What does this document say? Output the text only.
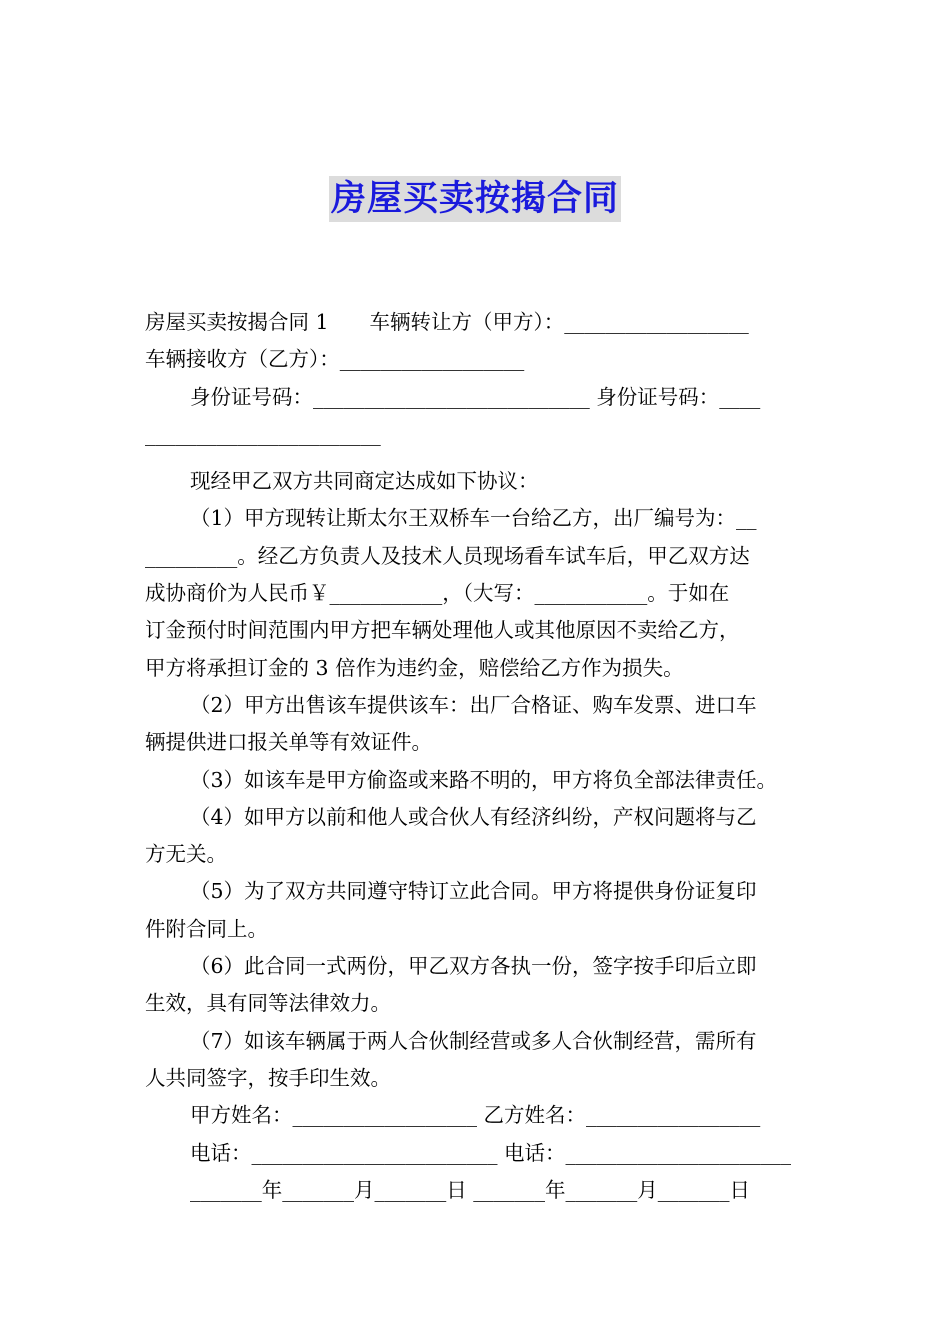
房屋买卖按揭合同
房屋买卖按揭合同 1　　车辆转让方（甲方）：__________________
车辆接收方（乙方）：__________________
身份证号码：___________________________ 身份证号码：____
_______________________
现经甲乙双方共同商定达成如下协议：
（1）甲方现转让斯太尔王双桥车一台给乙方，出厂编号为：__
_________。经乙方负责人及技术人员现场看车试车后，甲乙双方达
成协商价为人民币￥___________，（大写：___________。于如在
订金预付时间范围内甲方把车辆处理他人或其他原因不卖给乙方，
甲方将承担订金的 3 倍作为违约金，赔偿给乙方作为损失。
（2）甲方出售该车提供该车：出厂合格证、购车发票、进口车
辆提供进口报关单等有效证件。
（3）如该车是甲方偷盗或来路不明的，甲方将负全部法律责任。
（4）如甲方以前和他人或合伙人有经济纠纷，产权问题将与乙
方无关。
（5）为了双方共同遵守特订立此合同。甲方将提供身份证复印
件附合同上。
（6）此合同一式两份，甲乙双方各执一份，签字按手印后立即
生效，具有同等法律效力。
（7）如该车辆属于两人合伙制经营或多人合伙制经营，需所有
人共同签字，按手印生效。
甲方姓名：__________________ 乙方姓名：_________________
电话：________________________ 电话：______________________
_______年_______月_______日 _______年_______月_______日
